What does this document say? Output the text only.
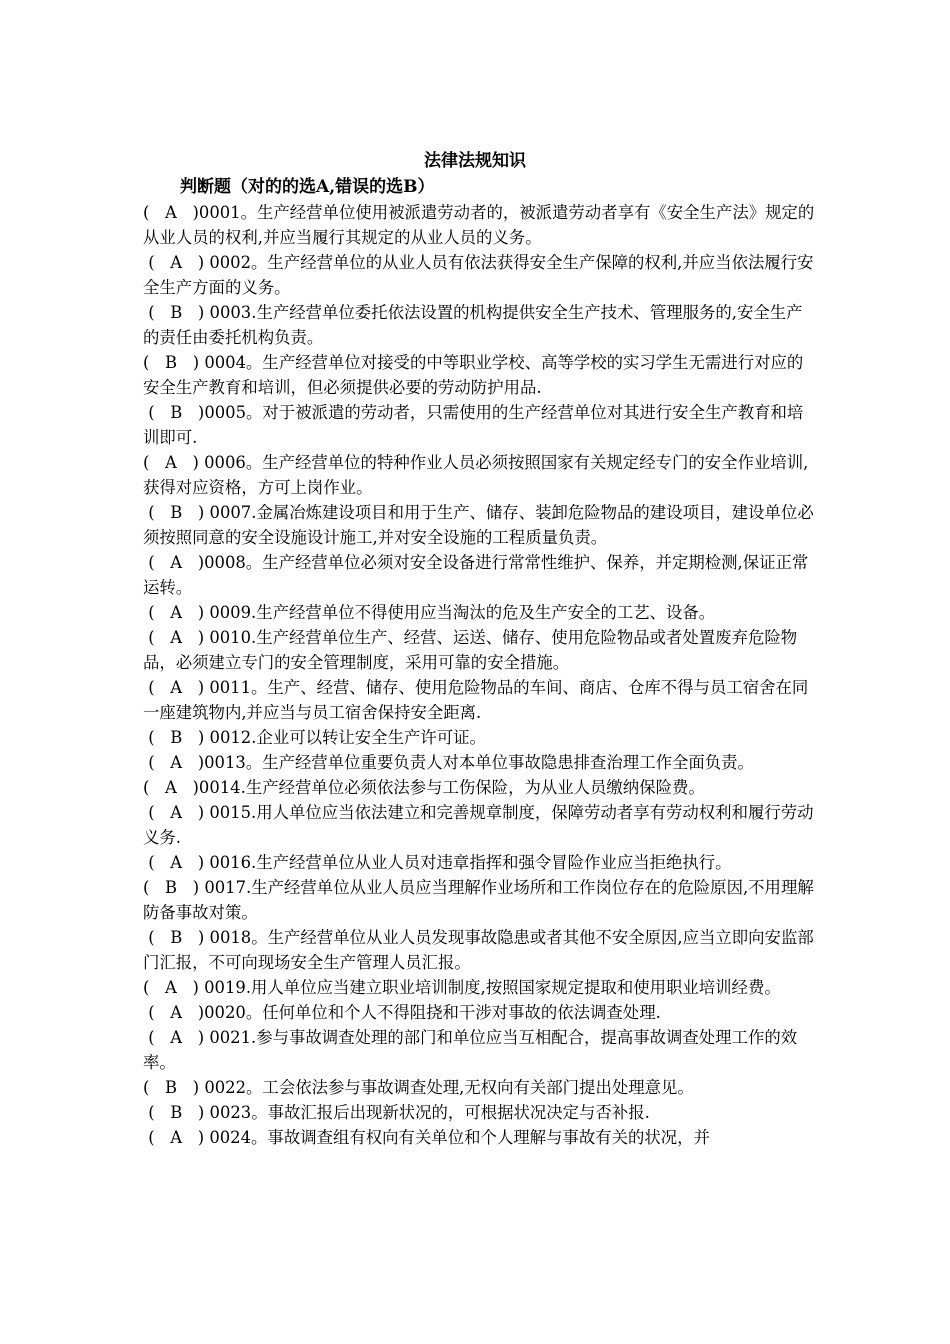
法律法规知识
判断题（对的的选A,错误的选B）
(   A   )0001。生产经营单位使用被派遣劳动者的，被派遣劳动者享有《安全生产法》规定的从业人员的权利,并应当履行其规定的从业人员的义务。
(   A   ) 0002。生产经营单位的从业人员有依法获得安全生产保障的权利,并应当依法履行安全生产方面的义务。
(   B   ) 0003.生产经营单位委托依法设置的机构提供安全生产技术、管理服务的,安全生产的责任由委托机构负责。
(   B   ) 0004。生产经营单位对接受的中等职业学校、高等学校的实习学生无需进行对应的安全生产教育和培训，但必须提供必要的劳动防护用品.
(   B   )0005。对于被派遣的劳动者，只需使用的生产经营单位对其进行安全生产教育和培训即可.
(   A   ) 0006。生产经营单位的特种作业人员必须按照国家有关规定经专门的安全作业培训,获得对应资格，方可上岗作业。
(   B   ) 0007.金属冶炼建设项目和用于生产、储存、装卸危险物品的建设项目，建设单位必须按照同意的安全设施设计施工,并对安全设施的工程质量负责。
(   A   )0008。生产经营单位必须对安全设备进行常常性维护、保养，并定期检测,保证正常运转。
(   A   ) 0009.生产经营单位不得使用应当淘汰的危及生产安全的工艺、设备。
(   A   ) 0010.生产经营单位生产、经营、运送、储存、使用危险物品或者处置废弃危险物品，必须建立专门的安全管理制度，采用可靠的安全措施。
(   A   ) 0011。生产、经营、储存、使用危险物品的车间、商店、仓库不得与员工宿舍在同一座建筑物内,并应当与员工宿舍保持安全距离.
(   B   ) 0012.企业可以转让安全生产许可证。
(   A   )0013。生产经营单位重要负责人对本单位事故隐患排查治理工作全面负责。
(   A   )0014.生产经营单位必须依法参与工伤保险，为从业人员缴纳保险费。
(   A   ) 0015.用人单位应当依法建立和完善规章制度，保障劳动者享有劳动权利和履行劳动义务.
(   A   ) 0016.生产经营单位从业人员对违章指挥和强令冒险作业应当拒绝执行。
(   B   ) 0017.生产经营单位从业人员应当理解作业场所和工作岗位存在的危险原因,不用理解防备事故对策。
(   B   ) 0018。生产经营单位从业人员发现事故隐患或者其他不安全原因,应当立即向安监部门汇报，不可向现场安全生产管理人员汇报。
(   A   ) 0019.用人单位应当建立职业培训制度,按照国家规定提取和使用职业培训经费。
(   A   )0020。任何单位和个人不得阻挠和干涉对事故的依法调查处理.
(   A   ) 0021.参与事故调查处理的部门和单位应当互相配合，提高事故调查处理工作的效率。
(   B   ) 0022。工会依法参与事故调查处理,无权向有关部门提出处理意见。
(   B   ) 0023。事故汇报后出现新状况的，可根据状况决定与否补报.
(   A   ) 0024。事故调查组有权向有关单位和个人理解与事故有关的状况，并
